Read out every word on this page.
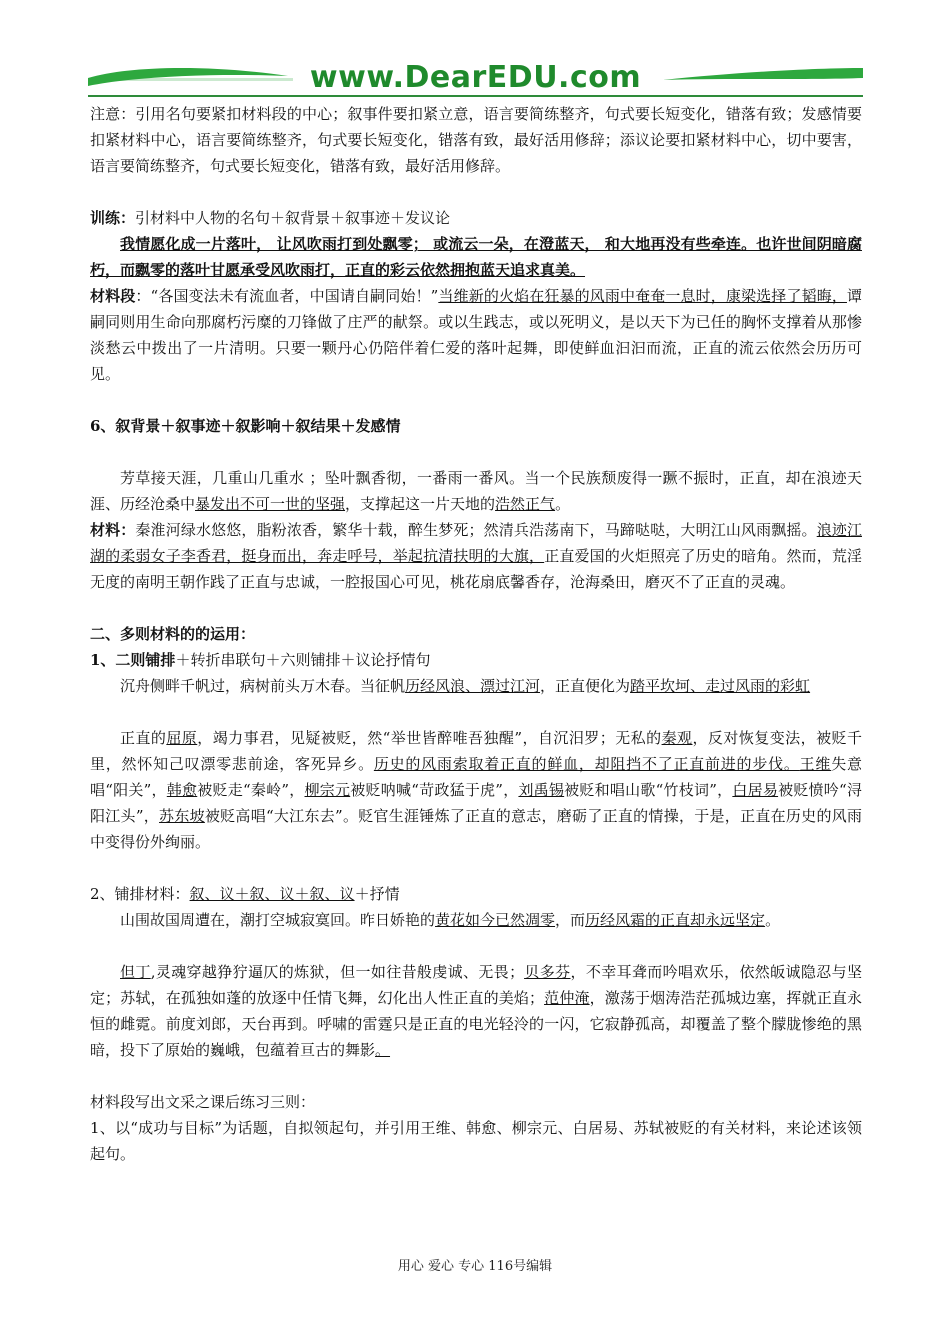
www.DearEDU.com

注意：引用名句要紧扣材料段的中心；叙事件要扣紧立意，语言要简练整齐，句式要长短变化，错落有致；发感情要扣紧材料中心，语言要简练整齐，句式要长短变化，错落有致，最好活用修辞；添议论要扣紧材料中心，切中要害，语言要简练整齐，句式要长短变化，错落有致，最好活用修辞。

训练：引材料中人物的名句＋叙背景＋叙事迹＋发议论

我情愿化成一片落叶， 让风吹雨打到处飘零； 或流云一朵，在澄蓝天， 和大地再没有些牵连。也许世间阴暗腐朽，而飘零的落叶甘愿承受风吹雨打，正直的彩云依然拥抱蓝天追求真美。

材料段：“各国变法未有流血者，中国请自嗣同始！”当维新的火焰在狂暴的风雨中奄奄一息时，康梁选择了韬晦，谭嗣同则用生命向那腐朽污糜的刀锋做了庄严的献祭。或以生践志，或以死明义，是以天下为已任的胸怀支撑着从那惨淡愁云中拨出了一片清明。只要一颗丹心仍陪伴着仁爱的落叶起舞，即使鲜血汩汩而流，正直的流云依然会历历可见。

6、叙背景＋叙事迹＋叙影响＋叙结果＋发感情

芳草接天涯，几重山几重水 ；坠叶飘香彻，一番雨一番风。当一个民族颓废得一蹶不振时，正直，却在浪迹天涯、历经沧桑中暴发出不可一世的坚强，支撑起这一片天地的浩然正气。

材料：秦淮河绿水悠悠，脂粉浓香，繁华十载，醉生梦死；然清兵浩荡南下，马蹄哒哒，大明江山风雨飘摇。浪迹江湖的柔弱女子李香君，挺身而出，奔走呼号，举起抗清扶明的大旗，正直爱国的火炬照亮了历史的暗角。然而，荒淫无度的南明王朝作践了正直与忠诚，一腔报国心可见，桃花扇底馨香存，沧海桑田，磨灭不了正直的灵魂。

二、多则材料的的运用：

1、二则铺排＋转折串联句＋六则铺排＋议论抒情句

沉舟侧畔千帆过，病树前头万木春。当征帆历经风浪、漂过江河，正直便化为踏平坎坷、走过风雨的彩虹

正直的屈原，竭力事君，见疑被贬，然“举世皆醉唯吾独醒”，自沉汨罗；无私的秦观，反对恢复变法，被贬千里，然怀知己叹漂零悲前途，客死异乡。历史的风雨索取着正直的鲜血，却阻挡不了正直前进的步伐。王维失意唱“阳关”，韩愈被贬走“秦岭”，柳宗元被贬呐喊“苛政猛于虎”，刘禹锡被贬和唱山歌“竹枝词”，白居易被贬愤吟“浔阳江头”，苏东坡被贬高唱“大江东去”。贬官生涯锤炼了正直的意志，磨砺了正直的情操，于是，正直在历史的风雨中变得份外绚丽。

2、铺排材料：叙、议＋叙、议＋叙、议＋抒情

山围故国周遭在，潮打空城寂寞回。昨日娇艳的黄花如今已然凋零，而历经风霜的正直却永远坚定。

但丁,灵魂穿越狰狞逼仄的炼狱，但一如往昔般虔诚、无畏；贝多芬，不幸耳聋而吟唱欢乐，依然皈诚隐忍与坚定；苏轼，在孤独如蓬的放逐中任情飞舞，幻化出人性正直的美焰；范仲淹，激荡于烟涛浩茫孤城边塞，挥就正直永恒的雌霓。前度刘郎，天台再到。呼啸的雷霆只是正直的电光轻泠的一闪，它寂静孤高，却覆盖了整个朦胧惨绝的黑暗，投下了原始的巍峨，包蕴着亘古的舞影。

材料段写出文采之课后练习三则：

1、以“成功与目标”为话题，自拟领起句，并引用王维、韩愈、柳宗元、白居易、苏轼被贬的有关材料，来论述该领起句。

用心 爱心 专心 116号编辑
